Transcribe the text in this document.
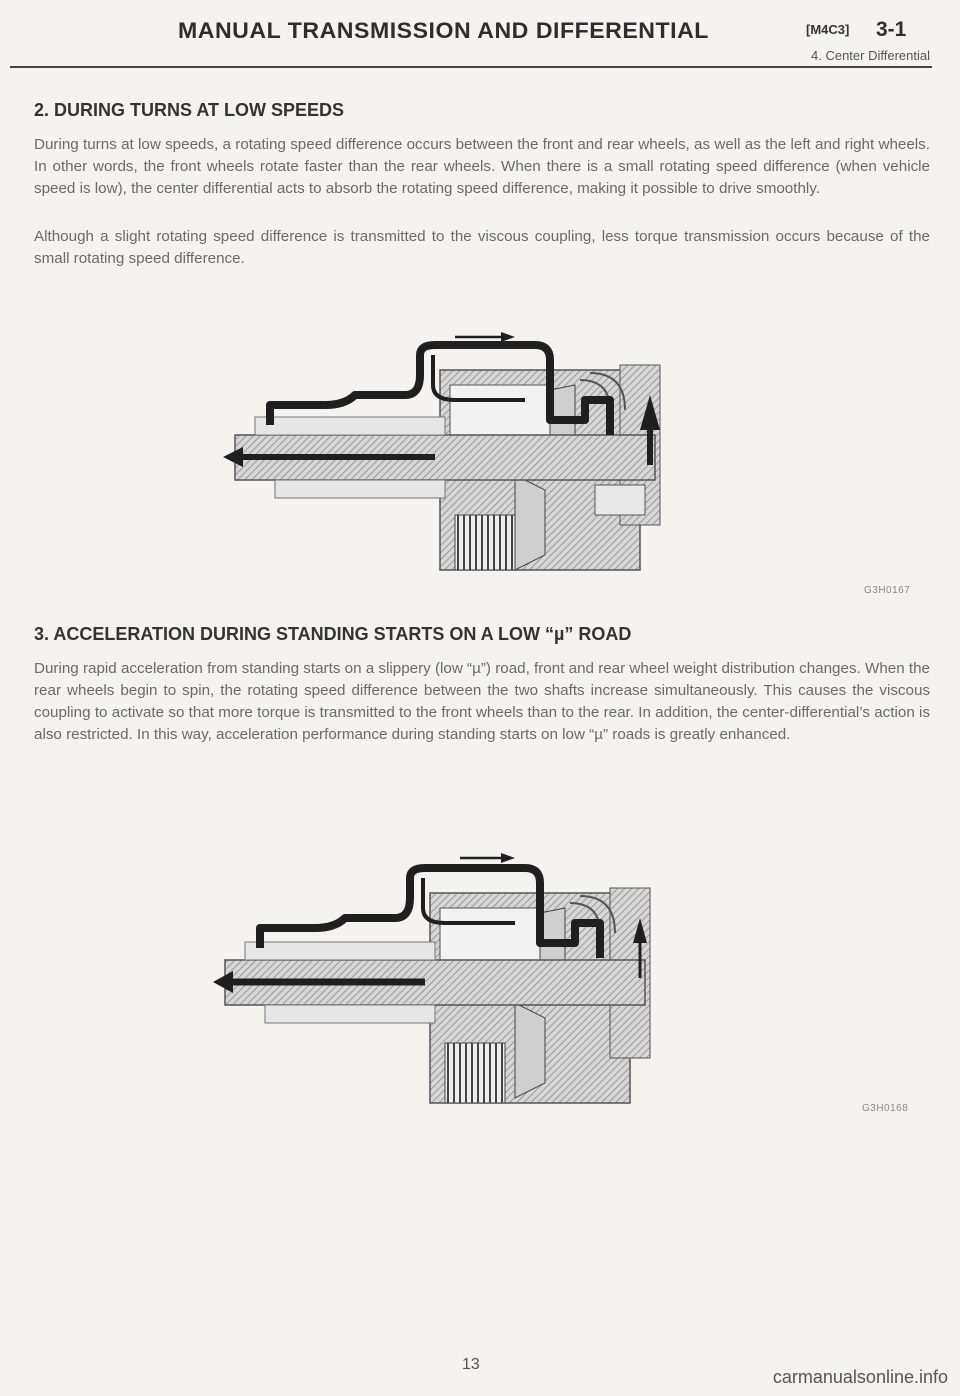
MANUAL TRANSMISSION AND DIFFERENTIAL	[M4C3] 3-1
4. Center Differential
2. DURING TURNS AT LOW SPEEDS

During turns at low speeds, a rotating speed difference occurs between the front and rear wheels, as well as the left and right wheels. In other words, the front wheels rotate faster than the rear wheels. When there is a small rotating speed difference (when vehicle speed is low), the center differential acts to absorb the rotating speed difference, making it possible to drive smoothly.

Although a slight rotating speed difference is transmitted to the viscous coupling, less torque transmission occurs because of the small rotating speed difference.

G3H0167
3. ACCELERATION DURING STANDING STARTS ON A LOW “µ” ROAD

During rapid acceleration from standing starts on a slippery (low “µ”) road, front and rear wheel weight distribution changes. When the rear wheels begin to spin, the rotating speed difference between the two shafts increase simultaneously. This causes the viscous coupling to activate so that more torque is transmitted to the front wheels than to the rear. In addition, the center-differential’s action is also restricted. In this way, acceleration performance during standing starts on low “µ” roads is greatly enhanced.

G3H0168
13
carmanualsonline.info
